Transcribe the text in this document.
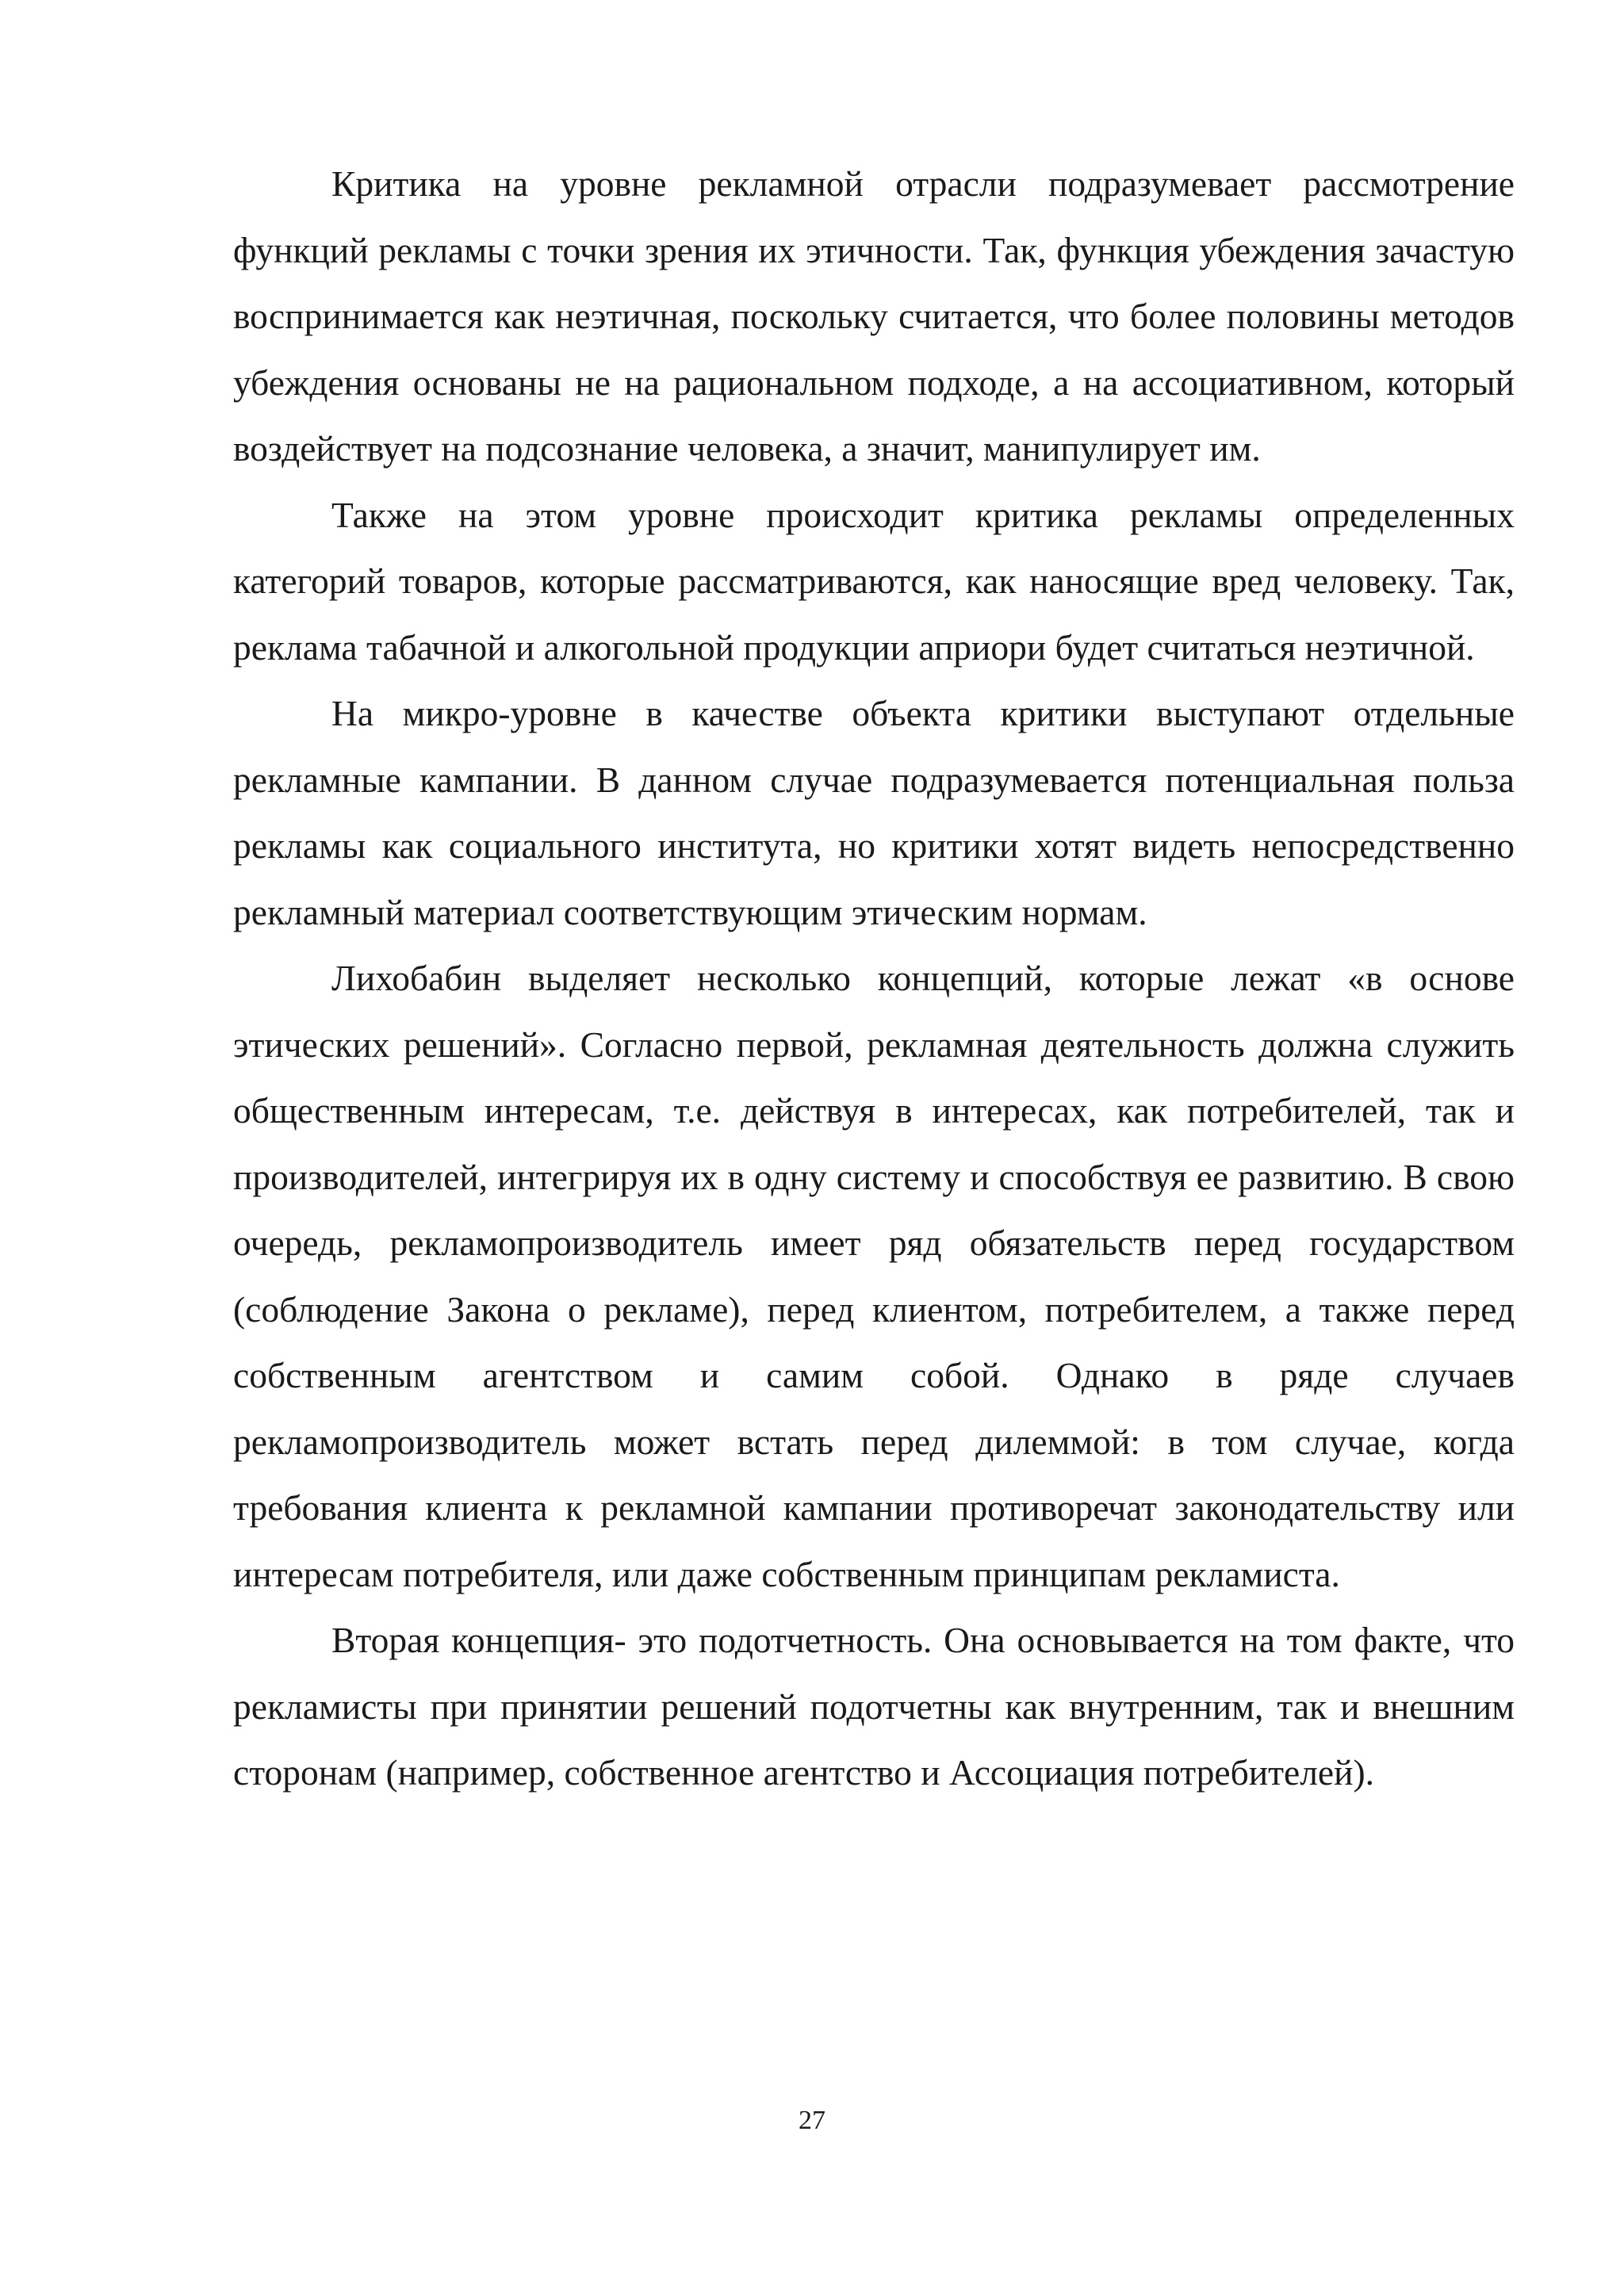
Критика на уровне рекламной отрасли подразумевает рассмотрение функций рекламы с точки зрения их этичности. Так, функция убеждения зачастую воспринимается как неэтичная, поскольку считается, что более половины методов убеждения основаны не на рациональном подходе, а на ассоциативном, который воздействует на подсознание человека, а значит, манипулирует им.

Также на этом уровне происходит критика рекламы определенных категорий товаров, которые рассматриваются, как наносящие вред человеку. Так, реклама табачной и алкогольной продукции априори будет считаться неэтичной.

На микро-уровне в качестве объекта критики выступают отдельные рекламные кампании. В данном случае подразумевается потенциальная польза рекламы как социального института, но критики хотят видеть непосредственно рекламный материал соответствующим этическим нормам.

Лихобабин выделяет несколько концепций, которые лежат «в основе этических решений». Согласно первой, рекламная деятельность должна служить общественным интересам, т.е. действуя в интересах, как потребителей, так и производителей, интегрируя их в одну систему и способствуя ее развитию. В свою очередь, рекламопроизводитель имеет ряд обязательств перед государством (соблюдение Закона о рекламе), перед клиентом, потребителем, а также перед собственным агентством и самим собой. Однако в ряде случаев рекламопроизводитель может встать перед дилеммой: в том случае, когда требования клиента к рекламной кампании противоречат законодательству или интересам потребителя, или даже собственным принципам рекламиста.

Вторая концепция- это подотчетность. Она основывается на том факте, что рекламисты при принятии решений подотчетны как внутренним, так и внешним сторонам (например, собственное агентство и Ассоциация потребителей).

27
